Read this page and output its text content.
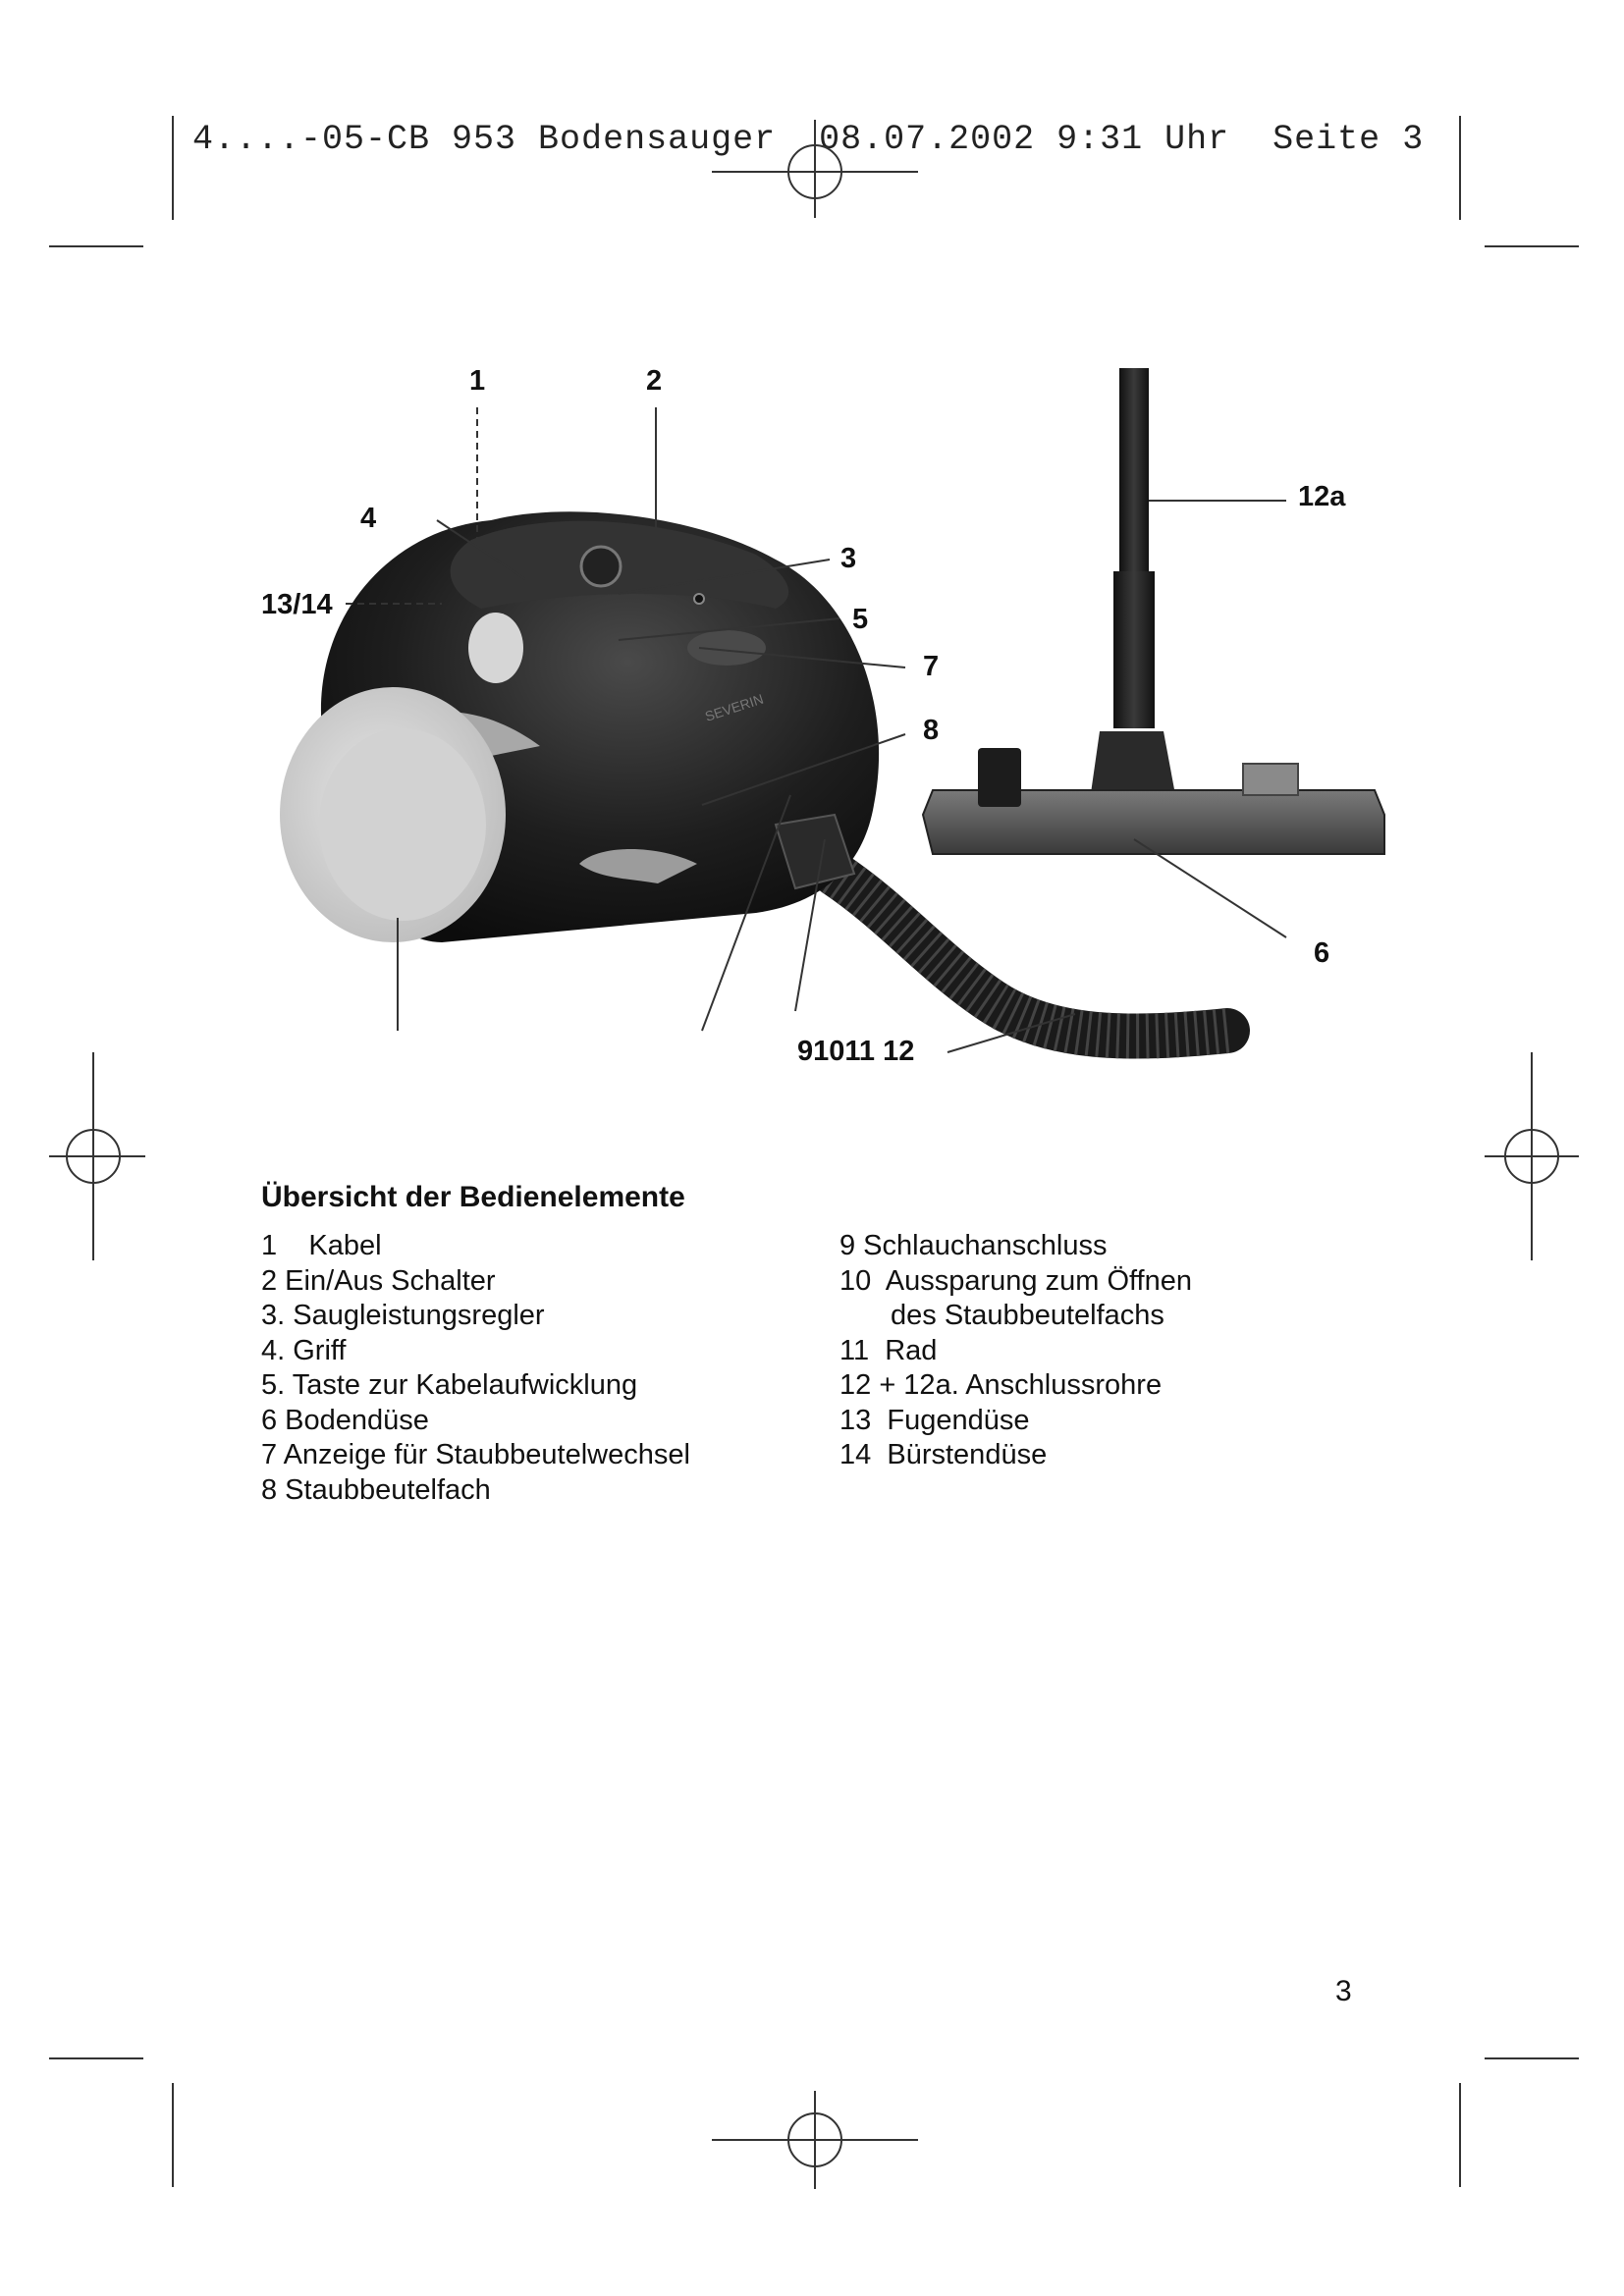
4....-05-CB 953 Bodensauger  08.07.2002 9:31 Uhr  Seite 3
SEVERIN
1	2
4
13/14
3
5
7
8
12a
6
91011 12
Übersicht der Bedienelemente
1    Kabel
2 Ein/Aus Schalter
3. Saugleistungsregler
4. Griff
5. Taste zur Kabelaufwicklung
6 Bodendüse
7 Anzeige für Staubbeutelwechsel
8 Staubbeutelfach
9 Schlauchanschluss
10  Aussparung zum Öffnen
des Staubbeutelfachs
11  Rad
12 + 12a. Anschlussrohre
13  Fugendüse
14  Bürstendüse
3
